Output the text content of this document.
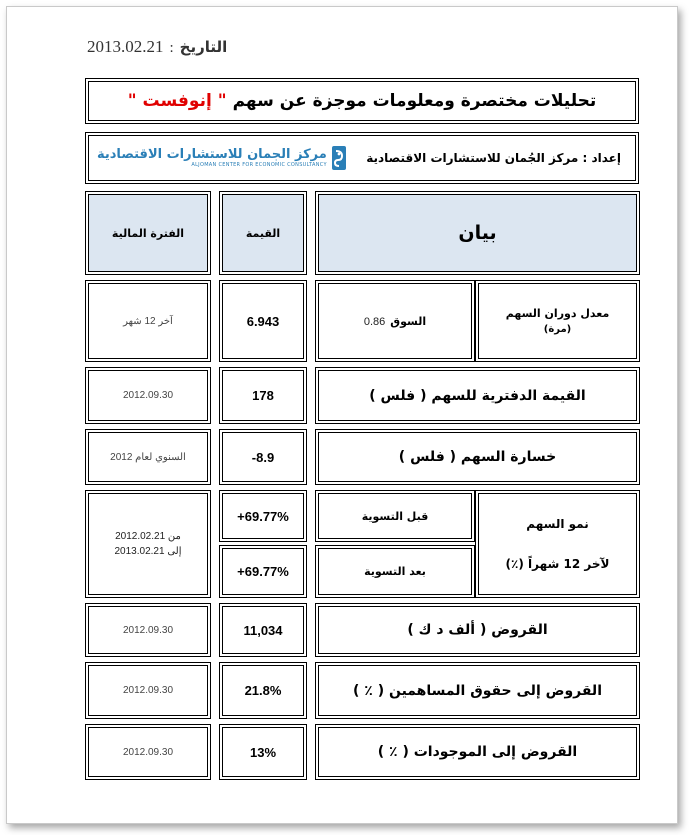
2013.02.21 : التاريخ
تحليلات مختصرة ومعلومات موجزة عن سهم
" إنوفست "
إعداد : مركز الجُمان للاستشارات الاقتصادية
مركز الجمان للاستشارات الاقتصادية
ALJOMAN CENTER FOR ECONOMIC CONSULTANCY
بيان
القيمة
الفترة المالية
معدل دوران السهم
(مرة)
السوق
0.86
6.943
آخر 12 شهر
القيمة الدفترية للسهم ( فلس )
178
2012.09.30
خسارة السهم ( فلس )
-8.9
السنوي لعام 2012
نمو السهم
لآخر 12 شهراً (٪)
قبل التسوية
بعد التسوية
+69.77%
+69.77%
من 2012.02.21
إلى 2013.02.21
القروض ( ألف د ك )
11,034
2012.09.30
القروض إلى حقوق المساهمين ( ٪ )
21.8%
2012.09.30
القروض إلى الموجودات ( ٪ )
13%
2012.09.30
